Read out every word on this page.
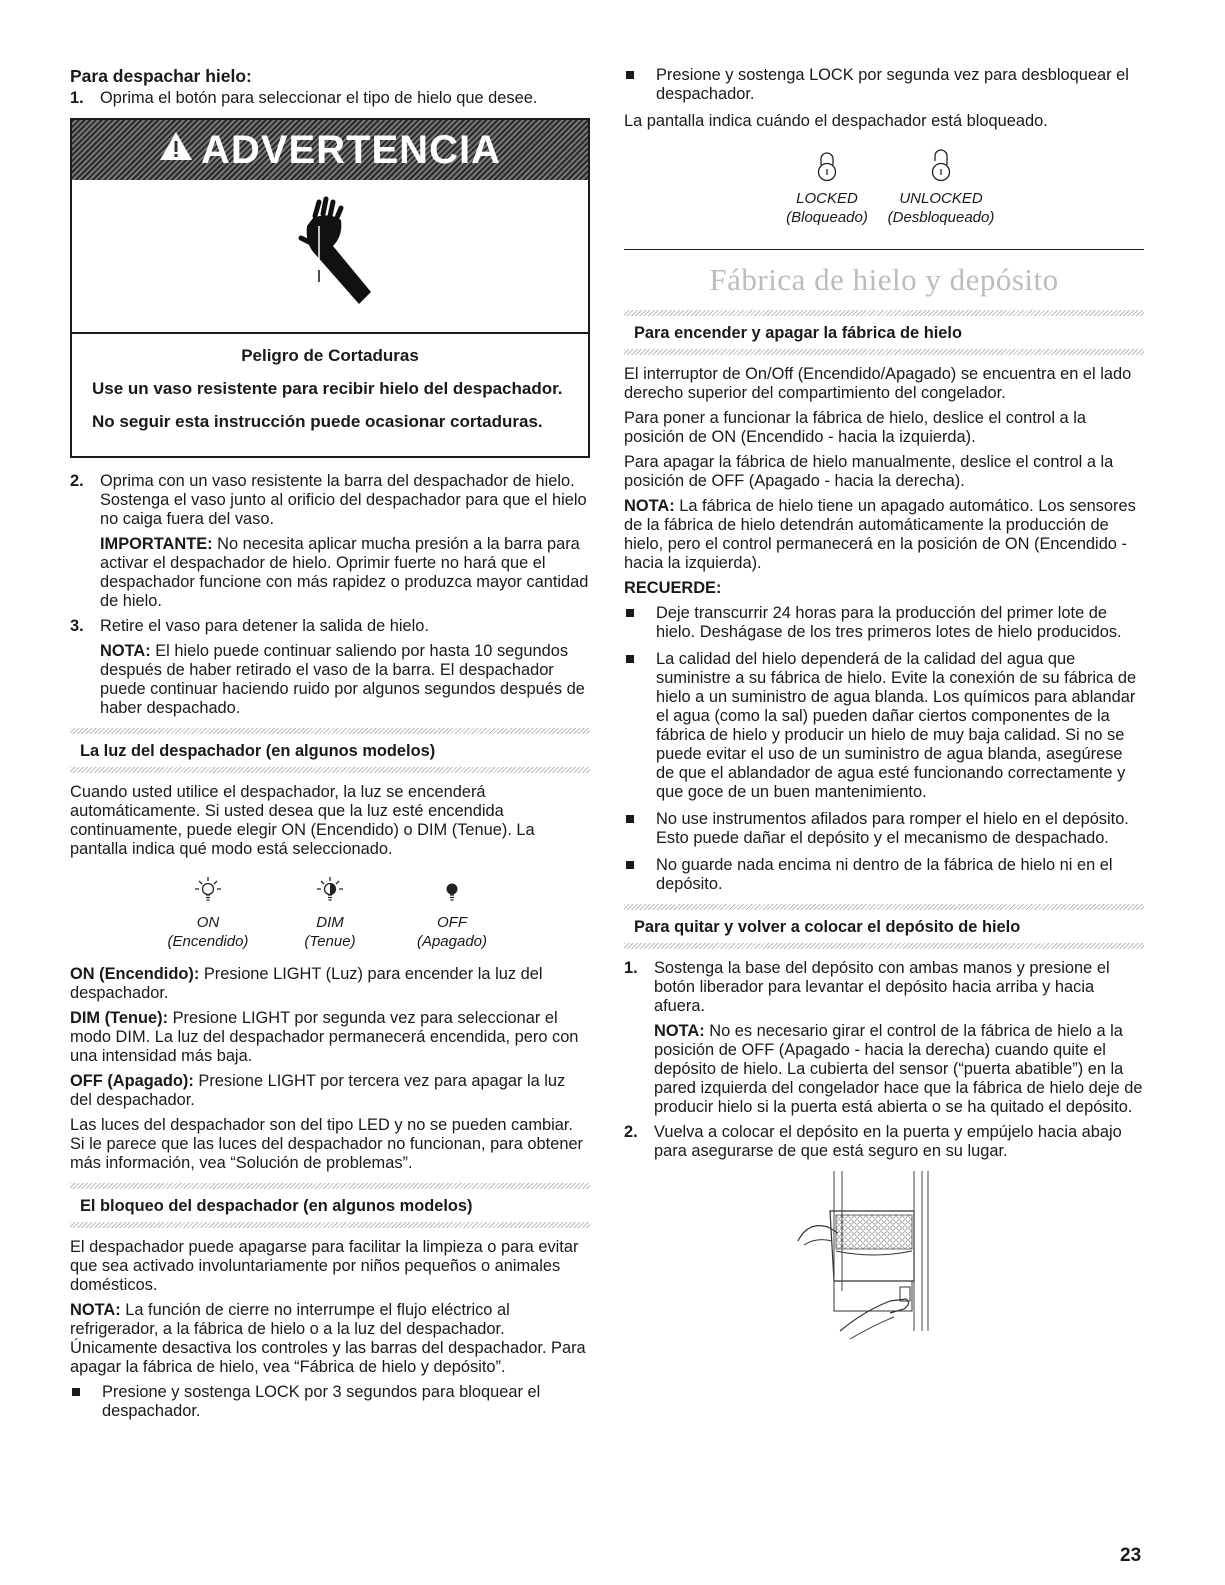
Para despachar hielo:
1. Oprima el botón para seleccionar el tipo de hielo que desee.
ADVERTENCIA
Peligro de Cortaduras

Use un vaso resistente para recibir hielo del despachador.

No seguir esta instrucción puede ocasionar cortaduras.

2. Oprima con un vaso resistente la barra del despachador de hielo. Sostenga el vaso junto al orificio del despachador para que el hielo no caiga fuera del vaso.
IMPORTANTE: No necesita aplicar mucha presión a la barra para activar el despachador de hielo. Oprimir fuerte no hará que el despachador funcione con más rapidez o produzca mayor cantidad de hielo.
3. Retire el vaso para detener la salida de hielo.
NOTA: El hielo puede continuar saliendo por hasta 10 segundos después de haber retirado el vaso de la barra. El despachador puede continuar haciendo ruido por algunos segundos después de haber despachado.
La luz del despachador (en algunos modelos)

Cuando usted utilice el despachador, la luz se encenderá automáticamente. Si usted desea que la luz esté encendida continuamente, puede elegir ON (Encendido) o DIM (Tenue). La pantalla indica qué modo está seleccionado.

ON
(Encendido)
DIM
(Tenue)
OFF
(Apagado)

ON (Encendido): Presione LIGHT (Luz) para encender la luz del despachador.

DIM (Tenue): Presione LIGHT por segunda vez para seleccionar el modo DIM. La luz del despachador permanecerá encendida, pero con una intensidad más baja.

OFF (Apagado): Presione LIGHT por tercera vez para apagar la luz del despachador.

Las luces del despachador son del tipo LED y no se pueden cambiar. Si le parece que las luces del despachador no funcionan, para obtener más información, vea “Solución de problemas”.

El bloqueo del despachador (en algunos modelos)

El despachador puede apagarse para facilitar la limpieza o para evitar que sea activado involuntariamente por niños pequeños o animales domésticos.

NOTA: La función de cierre no interrumpe el flujo eléctrico al refrigerador, a la fábrica de hielo o a la luz del despachador. Únicamente desactiva los controles y las barras del despachador. Para apagar la fábrica de hielo, vea “Fábrica de hielo y depósito”.

Presione y sostenga LOCK por 3 segundos para bloquear el despachador.
Presione y sostenga LOCK por segunda vez para desbloquear el despachador.

La pantalla indica cuándo el despachador está bloqueado.

LOCKED
(Bloqueado)
UNLOCKED
(Desbloqueado)
Fábrica de hielo y depósito
Para encender y apagar la fábrica de hielo

El interruptor de On/Off (Encendido/Apagado) se encuentra en el lado derecho superior del compartimiento del congelador.

Para poner a funcionar la fábrica de hielo, deslice el control a la posición de ON (Encendido - hacia la izquierda).

Para apagar la fábrica de hielo manualmente, deslice el control a la posición de OFF (Apagado - hacia la derecha).

NOTA: La fábrica de hielo tiene un apagado automático. Los sensores de la fábrica de hielo detendrán automáticamente la producción de hielo, pero el control permanecerá en la posición de ON (Encendido - hacia la izquierda).

RECUERDE:
Deje transcurrir 24 horas para la producción del primer lote de hielo. Deshágase de los tres primeros lotes de hielo producidos.
La calidad del hielo dependerá de la calidad del agua que suministre a su fábrica de hielo. Evite la conexión de su fábrica de hielo a un suministro de agua blanda. Los químicos para ablandar el agua (como la sal) pueden dañar ciertos componentes de la fábrica de hielo y producir un hielo de muy baja calidad. Si no se puede evitar el uso de un suministro de agua blanda, asegúrese de que el ablandador de agua esté funcionando correctamente y que goce de un buen mantenimiento.
No use instrumentos afilados para romper el hielo en el depósito. Esto puede dañar el depósito y el mecanismo de despachado.
No guarde nada encima ni dentro de la fábrica de hielo ni en el depósito.
Para quitar y volver a colocar el depósito de hielo
1. Sostenga la base del depósito con ambas manos y presione el botón liberador para levantar el depósito hacia arriba y hacia afuera.
NOTA: No es necesario girar el control de la fábrica de hielo a la posición de OFF (Apagado - hacia la derecha) cuando quite el depósito de hielo. La cubierta del sensor (“puerta abatible”) en la pared izquierda del congelador hace que la fábrica de hielo deje de producir hielo si la puerta está abierta o se ha quitado el depósito.
2. Vuelva a colocar el depósito en la puerta y empújelo hacia abajo para asegurarse de que está seguro en su lugar.
23
